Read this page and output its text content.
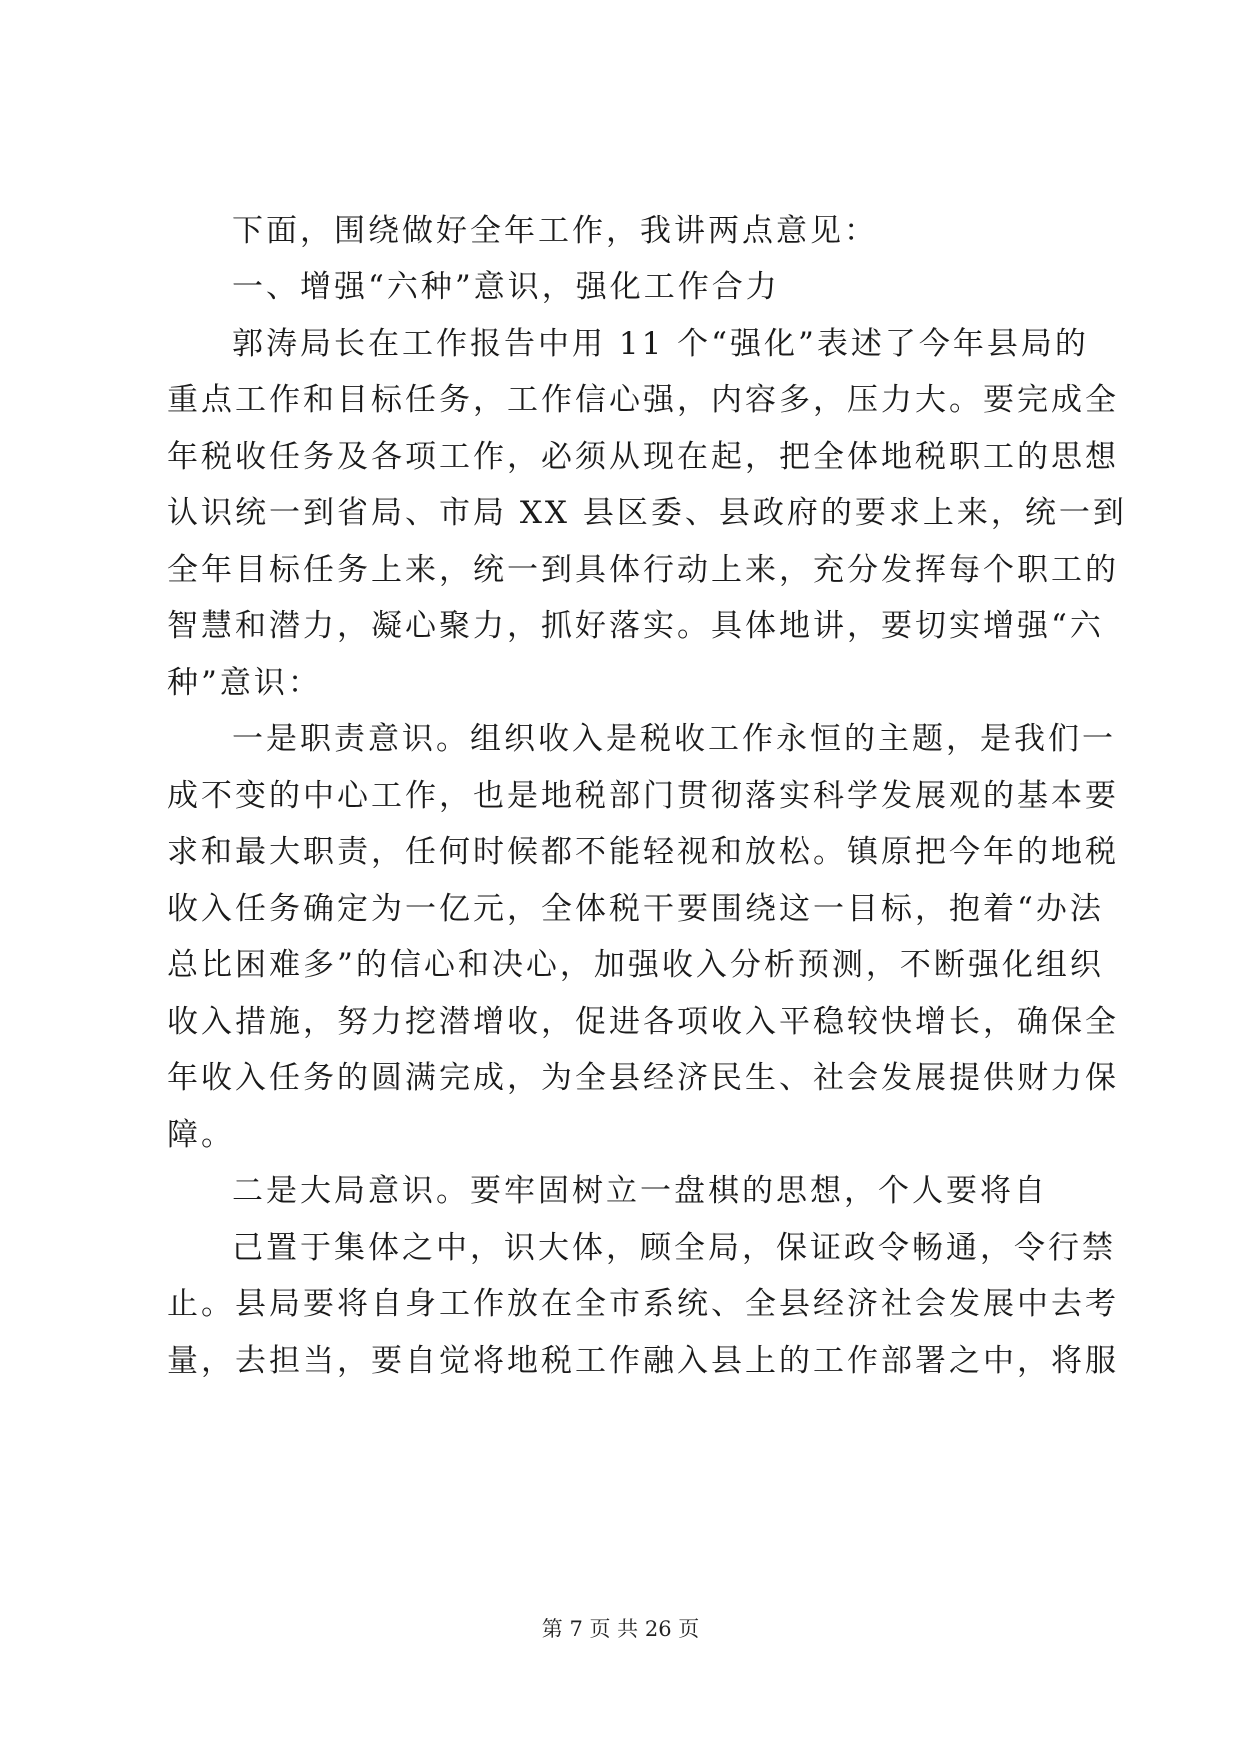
下面，围绕做好全年工作，我讲两点意见：
一、增强“六种”意识，强化工作合力
郭涛局长在工作报告中用 11 个“强化”表述了今年县局的
重点工作和目标任务，工作信心强，内容多，压力大。要完成全
年税收任务及各项工作，必须从现在起，把全体地税职工的思想
认识统一到省局、市局 XX 县区委、县政府的要求上来，统一到
全年目标任务上来，统一到具体行动上来，充分发挥每个职工的
智慧和潜力，凝心聚力，抓好落实。具体地讲，要切实增强“六
种”意识：
一是职责意识。组织收入是税收工作永恒的主题，是我们一
成不变的中心工作，也是地税部门贯彻落实科学发展观的基本要
求和最大职责，任何时候都不能轻视和放松。镇原把今年的地税
收入任务确定为一亿元，全体税干要围绕这一目标，抱着“办法
总比困难多”的信心和决心，加强收入分析预测，不断强化组织
收入措施，努力挖潜增收，促进各项收入平稳较快增长，确保全
年收入任务的圆满完成，为全县经济民生、社会发展提供财力保
障。
二是大局意识。要牢固树立一盘棋的思想，个人要将自
己置于集体之中，识大体，顾全局，保证政令畅通，令行禁
止。县局要将自身工作放在全市系统、全县经济社会发展中去考
量，去担当，要自觉将地税工作融入县上的工作部署之中，将服
第 7 页 共 26 页
